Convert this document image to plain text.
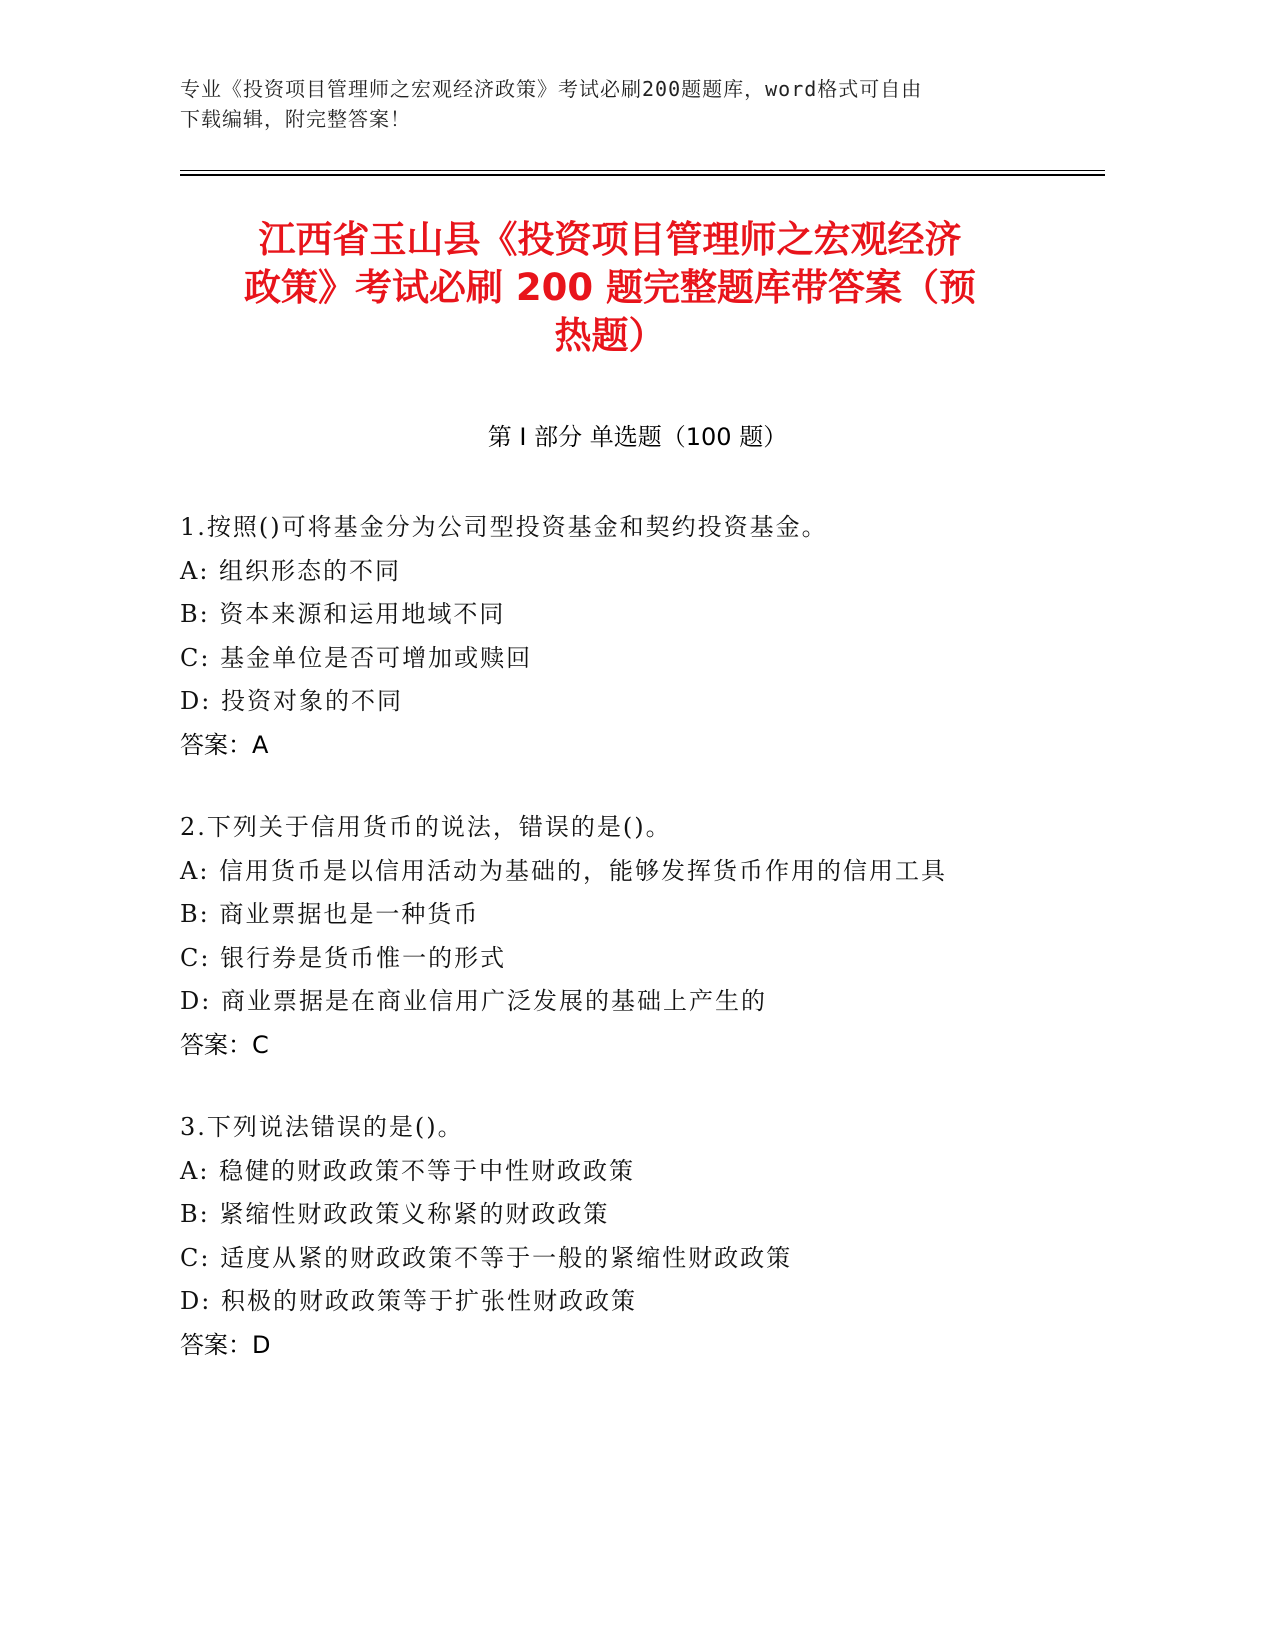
专业《投资项目管理师之宏观经济政策》考试必刷200题题库，word格式可自由
下载编辑，附完整答案！
江西省玉山县《投资项目管理师之宏观经济
政策》考试必刷 200 题完整题库带答案（预
热题）
第 I 部分 单选题（100 题）
1.按照()可将基金分为公司型投资基金和契约投资基金。
A: 组织形态的不同
B: 资本来源和运用地域不同
C: 基金单位是否可增加或赎回
D: 投资对象的不同
答案：A
2.下列关于信用货币的说法，错误的是()。
A: 信用货币是以信用活动为基础的，能够发挥货币作用的信用工具
B: 商业票据也是一种货币
C: 银行券是货币惟一的形式
D: 商业票据是在商业信用广泛发展的基础上产生的
答案：C
3.下列说法错误的是()。
A: 稳健的财政政策不等于中性财政政策
B: 紧缩性财政政策义称紧的财政政策
C: 适度从紧的财政政策不等于一般的紧缩性财政政策
D: 积极的财政政策等于扩张性财政政策
答案：D
